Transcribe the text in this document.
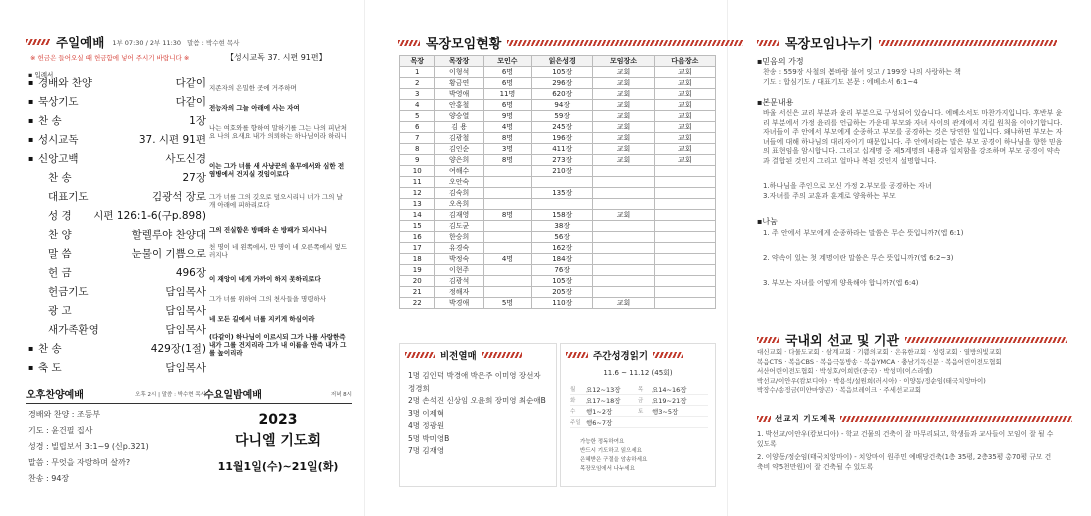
주일예배 1부 07:30 / 2부 11:30 말씀 : 박수현 목사
※ 헌금은 들어오실 때 헌금함에 넣어 주시기 바랍니다 ※	【성시교독 37. 시편 91편】
▪ 입례서
▪ 경배와 찬양	다같이 지존자의 은밀한 곳에 거주하며
▪ 묵상기도	다같이 전능자의 그늘 아래에 사는 자여
▪ 찬 송	1장
나는 여호와를 향하여 말하기를 그는 나의 피난처요 나의 요새요 내가 의뢰하는 하나님이라 하리니
▪ 성시교독	37. 시편 91편
▪ 신앙고백	사도신경
이는 그가 너를 새 사냥꾼의 올무에서와 심한 전염병에서 건지실 것임이로다
찬 송	27장
대표기도	김광석 장로 그가 너를 그의 깃으로 덮으시리니 너가 그의 날개 아래에 피하리로다
성 경	시편 126:1-6(구p.898)
찬 양	할렐루야 찬양대 그의 진실함은 방패와 손 방패가 되시나니
말 씀	눈물이 기쁨으로
천 명이 네 왼쪽에서, 만 명이 네 오른쪽에서 엎드러지나
헌 금	496장
헌금기도	담임목사
이 재앙이 네게 가까이 하지 못하리로다
광 고	담임목사
그가 너를 위하여 그의 천사들을 명령하사
새가족환영	담임목사
네 모든 길에서 너를 지키게 하심이라
▪ 찬 송	429장(1절)
(다같이) 하나님이 이르시되 그가 나를 사랑한즉 내가 그를 건지리라 그가 내 이름을 안즉 내가 그를 높이리라
▪ 축 도	담임목사
오후찬양예배	오후 2시 | 말씀 : 박수현 목사
경배와 찬양 : 조등부
기도 : 윤건필 집사
성경 : 빌립보서 3:1~9 (신p.321)
말씀 : 무엇을 자랑하며 살까?
찬송 : 94장
수요일밤예배	저녁 8시
2023
다니엘 기도회
11월1일(수)~21일(화)
목장모임현황
목장	목장장	모인수	읽은성경	모임장소	다음장소
1	이형석	6명	105장	교회	교회
2	황금연	6명	296장	교회	교회
3	박영애	11명	620장	교회	교회
4	안홍철	6명	94장	교회	교회
5	양승열	9명	59장	교회	교회
6	김 용	4명	245장	교회	교회
7	김광철	8명	196장	교회	교회
8	김인순	3명	411장	교회	교회
9	양은희	8명	273장	교회	교회
10	여해수		210장		
11	오안숙				
12	김숙희		135장		
13	오옥희				
14	김재영	8명	158장	교회	
15	김도균		38장		
16	한승희		56장		
17	유경숙		162장		
18	박정숙	4명	184장		
19	이현주		76장		
20	김광석		105장		
21	정해자		205장		
22	박경애	5명	110장	교회	
비전열매
1명 김인덕 박경애 박은주 이미영 장선자
정경희
2명 손석진 신상임 오윤희 장미영 최순애B
3명 이제혁
4명 정광원
5명 박미영B
7명 김재영
주간성경읽기
11.6 ~ 11.12 (45회)
월	요12~13장	목	요14~16장
화	요17~18장	금	요19~21장
수	행1~2장	토	행3~5장
주일 행6~7장
가능한 정독하여요
반드시 기도하고 읽으세요
은혜받은 구절을 암송하세요
목장모임에서 나누세요
목장모임나누기
▪믿음의 가정
찬송 : 559장 사철의 봄바람 불어 잇고 / 199장 나의 사랑하는 책
기도 : 합심기도 / 대표기도 본문 : 에베소서 6:1~4
▪본문내용
바울 서신은 교리 부분과 윤리 부분으로 구성되어 있습니다. 에베소서도 마찬가지입니다. 후반부 윤리 부분에서 가정 윤리를 언급하는 가운데 부모와 자녀 사이의 관계에서 지킬 원칙을 이야기합니다. 자녀들이 주 안에서 부모에게 순종하고 부모를 공경하는 것은 당연한 일입니다. 왜냐하면 부모는 자녀들에 대해 하나님의 대리자이기 때문입니다. 주 안에서라는 말은 부모 공경이 하나님을 향한 믿음의 표현임을 암시합니다. 그리고 십계명 중 제5계명의 내용과 일치함을 강조하며 부모 공경이 약속과 결합된 것인지 그리고 얼마나 복된 것인지 설명합니다.
1.하나님을 주인으로 모신 가정 2.부모를 공경하는 자녀
3.자녀를 주의 교훈과 훈계로 양육하는 부모
▪나눔
1. 주 안에서 부모에게 순종하라는 말씀은 무슨 뜻입니까?(엡 6:1)
2. 약속이 있는 첫 계명이란 말씀은 무슨 뜻입니까?(엡 6:2~3)
3. 부모는 자녀를 어떻게 양육해야 합니까?(엡 6:4)
국내외 선교 및 기관
대신교회 · 다물도교회 · 삼계교회 · 기쁨의교회 · 은유한교회 · 성령교회 · 열방의빛교회
복음CTS · 복음CBS · 복음극동방송 · 복음YMCA · 충남기독신문 · 복음어린이전도협회
서산어린이전도협회 · 박성호/이희란(중국) · 박성미(이스라엘)
박선교/이안우(캄보디아) · 박용석/설원희(러시아) · 이양동/정순임(태국치앙마이)
박장수/송정금(미얀마양곤) · 복음브레이크 · 주세선교교회
선교지 기도제목
1. 박선교/이안우(캄보디아) - 학교 건물의 건축이 잘 마무리되고, 학생들과 교사들이 모임이 잘 될 수 있도록
2. 이양동/정순임(태국치앙마이) - 치앙마이 원주민 예배당건축(1층 35평, 2층35평 총70평 규모 건축비 약5천만원)이 잘 건축될 수 있도록
